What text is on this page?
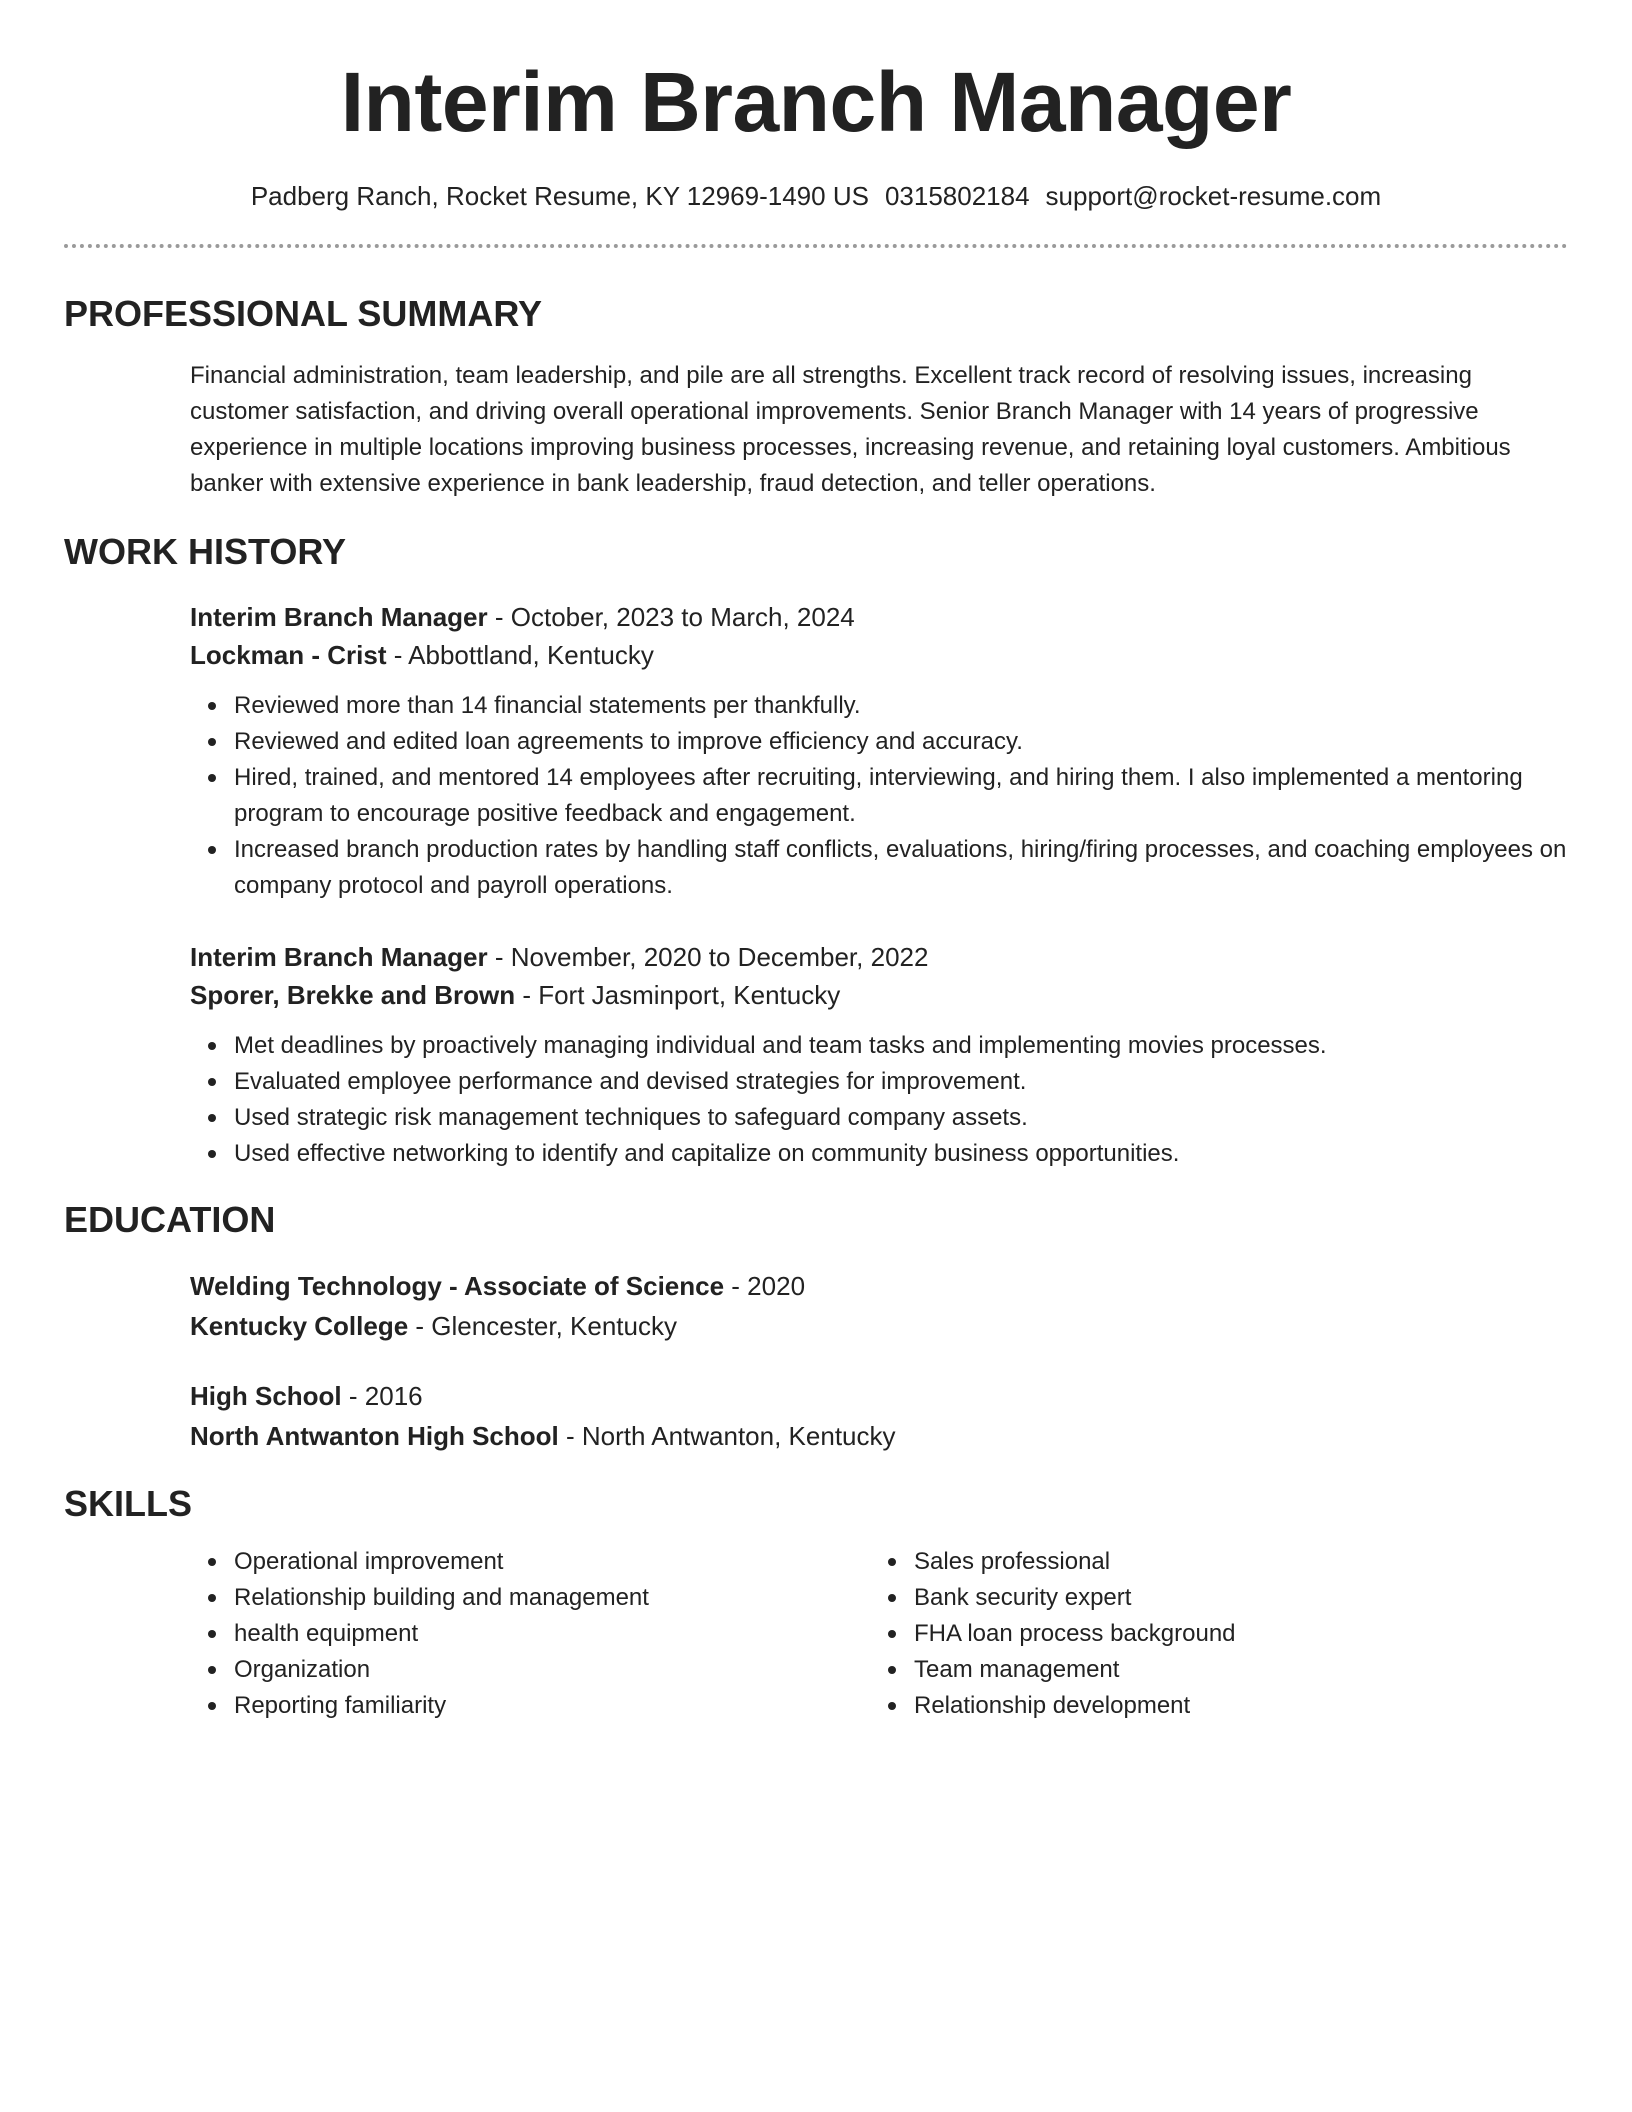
Interim Branch Manager
Padberg Ranch, Rocket Resume, KY 12969-1490 US 0315802184 support@rocket-resume.com
PROFESSIONAL SUMMARY
Financial administration, team leadership, and pile are all strengths. Excellent track record of resolving issues, increasing customer satisfaction, and driving overall operational improvements. Senior Branch Manager with 14 years of progressive experience in multiple locations improving business processes, increasing revenue, and retaining loyal customers. Ambitious banker with extensive experience in bank leadership, fraud detection, and teller operations.
WORK HISTORY
Interim Branch Manager - October, 2023 to March, 2024
Lockman - Crist - Abbottland, Kentucky
Reviewed more than 14 financial statements per thankfully.
Reviewed and edited loan agreements to improve efficiency and accuracy.
Hired, trained, and mentored 14 employees after recruiting, interviewing, and hiring them. I also implemented a mentoring program to encourage positive feedback and engagement.
Increased branch production rates by handling staff conflicts, evaluations, hiring/firing processes, and coaching employees on company protocol and payroll operations.
Interim Branch Manager - November, 2020 to December, 2022
Sporer, Brekke and Brown - Fort Jasminport, Kentucky
Met deadlines by proactively managing individual and team tasks and implementing movies processes.
Evaluated employee performance and devised strategies for improvement.
Used strategic risk management techniques to safeguard company assets.
Used effective networking to identify and capitalize on community business opportunities.
EDUCATION
Welding Technology - Associate of Science - 2020
Kentucky College - Glencester, Kentucky
High School - 2016
North Antwanton High School - North Antwanton, Kentucky
SKILLS
Operational improvement
Relationship building and management
health equipment
Organization
Reporting familiarity
Sales professional
Bank security expert
FHA loan process background
Team management
Relationship development
